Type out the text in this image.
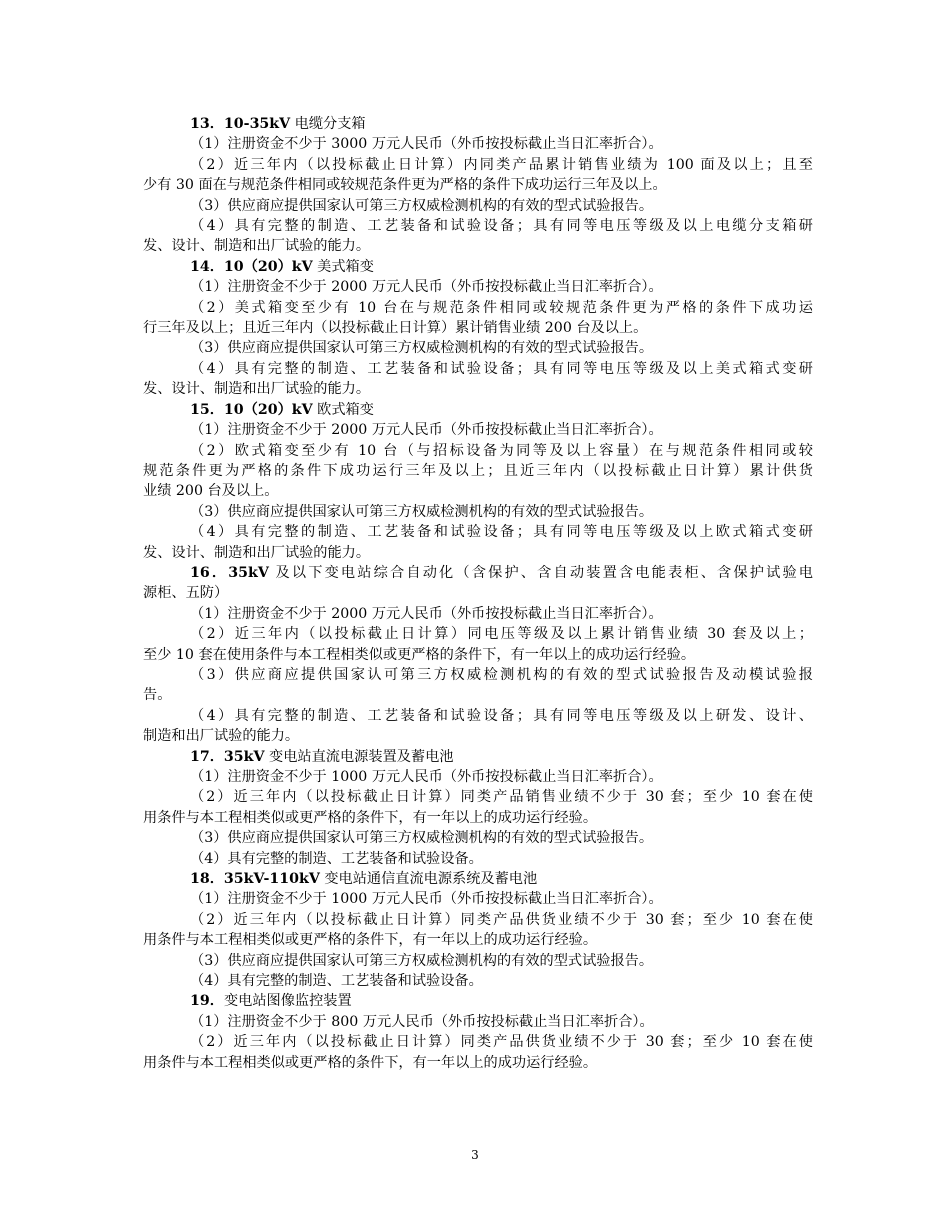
13．10-35kV 电缆分支箱
（1）注册资金不少于 3000 万元人民币（外币按投标截止当日汇率折合）。
（2）近三年内（以投标截止日计算）内同类产品累计销售业绩为 100 面及以上；且至
少有 30 面在与规范条件相同或较规范条件更为严格的条件下成功运行三年及以上。
（3）供应商应提供国家认可第三方权威检测机构的有效的型式试验报告。
（4）具有完整的制造、工艺装备和试验设备；具有同等电压等级及以上电缆分支箱研
发、设计、制造和出厂试验的能力。
14．10（20）kV 美式箱变
（1）注册资金不少于 2000 万元人民币（外币按投标截止当日汇率折合）。
（2）美式箱变至少有 10 台在与规范条件相同或较规范条件更为严格的条件下成功运
行三年及以上；且近三年内（以投标截止日计算）累计销售业绩 200 台及以上。
（3）供应商应提供国家认可第三方权威检测机构的有效的型式试验报告。
（4）具有完整的制造、工艺装备和试验设备；具有同等电压等级及以上美式箱式变研
发、设计、制造和出厂试验的能力。
15．10（20）kV 欧式箱变
（1）注册资金不少于 2000 万元人民币（外币按投标截止当日汇率折合）。
（2）欧式箱变至少有 10 台（与招标设备为同等及以上容量）在与规范条件相同或较
规范条件更为严格的条件下成功运行三年及以上；且近三年内（以投标截止日计算）累计供货
业绩 200 台及以上。
（3）供应商应提供国家认可第三方权威检测机构的有效的型式试验报告。
（4）具有完整的制造、工艺装备和试验设备；具有同等电压等级及以上欧式箱式变研
发、设计、制造和出厂试验的能力。
16．35kV 及以下变电站综合自动化（含保护、含自动装置含电能表柜、含保护试验电
源柜、五防）
（1）注册资金不少于 2000 万元人民币（外币按投标截止当日汇率折合）。
（2）近三年内（以投标截止日计算）同电压等级及以上累计销售业绩 30 套及以上；
至少 10 套在使用条件与本工程相类似或更严格的条件下，有一年以上的成功运行经验。
（3）供应商应提供国家认可第三方权威检测机构的有效的型式试验报告及动模试验报
告。
（4）具有完整的制造、工艺装备和试验设备；具有同等电压等级及以上研发、设计、
制造和出厂试验的能力。
17．35kV 变电站直流电源装置及蓄电池
（1）注册资金不少于 1000 万元人民币（外币按投标截止当日汇率折合）。
（2）近三年内（以投标截止日计算）同类产品销售业绩不少于 30 套；至少 10 套在使
用条件与本工程相类似或更严格的条件下，有一年以上的成功运行经验。
（3）供应商应提供国家认可第三方权威检测机构的有效的型式试验报告。
（4）具有完整的制造、工艺装备和试验设备。
18．35kV-110kV 变电站通信直流电源系统及蓄电池
（1）注册资金不少于 1000 万元人民币（外币按投标截止当日汇率折合）。
（2）近三年内（以投标截止日计算）同类产品供货业绩不少于 30 套；至少 10 套在使
用条件与本工程相类似或更严格的条件下，有一年以上的成功运行经验。
（3）供应商应提供国家认可第三方权威检测机构的有效的型式试验报告。
（4）具有完整的制造、工艺装备和试验设备。
19．变电站图像监控装置
（1）注册资金不少于 800 万元人民币（外币按投标截止当日汇率折合）。
（2）近三年内（以投标截止日计算）同类产品供货业绩不少于 30 套；至少 10 套在使
用条件与本工程相类似或更严格的条件下，有一年以上的成功运行经验。
3
